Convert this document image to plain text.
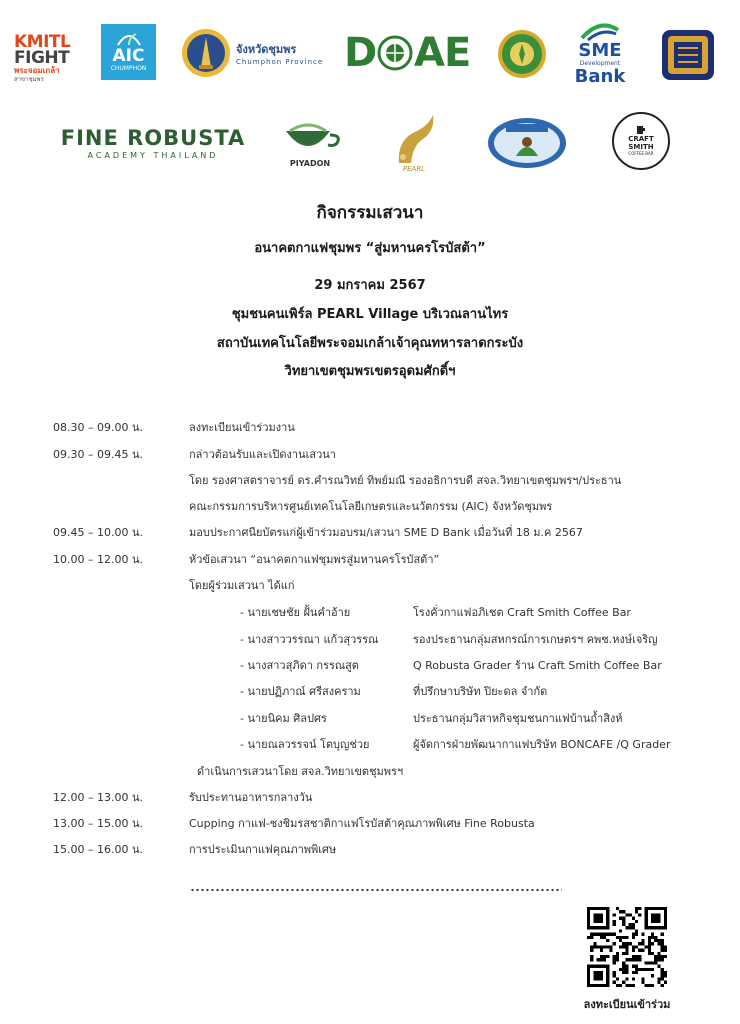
KMITL
FIGHT
พระจอมเกล้า
สาขาชุมพร
AIC
CHUMPHON
จังหวัดชุมพร
Chumphon Province D AE	SME
Development
Bank
FINE ROBUSTA
ACADEMY THAILAND
PIYADON
PEARL
CRAFT
SMITH
COFFEE BAR
กิจกรรมเสวนา
อนาคตกาแฟชุมพร “สู่มหานครโรบัสต้า”
29 มกราคม 2567
ชุมชนคนเพิร์ล PEARL Village บริเวณลานไทร
สถาบันเทคโนโลยีพระจอมเกล้าเจ้าคุณทหารลาดกระบัง
วิทยาเขตชุมพรเขตรอุดมศักดิ์ฯ
08.30 – 09.00 น.	ลงทะเบียนเข้าร่วมงาน
09.30 – 09.45 น.	กล่าวต้อนรับและเปิดงานเสวนา
โดย รองศาสตราจารย์ ดร.คำรณวิทย์ ทิพย์มณี รองอธิการบดี สจล.วิทยาเขตชุมพรฯ/ประธาน
คณะกรรมการบริหารศูนย์เทคโนโลยีเกษตรและนวัตกรรม (AIC) จังหวัดชุมพร
09.45 – 10.00 น.	มอบประกาศนียบัตรแก่ผู้เข้าร่วมอบรม/เสวนา SME D Bank เมื่อวันที่ 18 ม.ค 2567
10.00 – 12.00 น.	หัวข้อเสวนา “อนาคตกาแฟชุมพรสู่มหานครโรบัสต้า”
โดยผู้ร่วมเสวนา ได้แก่
- นายเชษชัย ฝั้นคำอ้าย	โรงคั่วกาแฟอภิเชต Craft Smith Coffee Bar
- นางสาววรรณา แก้วสุวรรณ	รองประธานกลุ่มสหกรณ์การเกษตรฯ คพช.หงษ์เจริญ
- นางสาวสุภิดา กรรณสูต	Q Robusta Grader ร้าน Craft Smith Coffee Bar
- นายปฏิภาณ์ ศรีสงคราม	ที่ปรึกษาบริษัท ปิยะดล จำกัด
- นายนิคม ศิลปศร	ประธานกลุ่มวิสาหกิจชุมชนกาแฟบ้านถ้ำสิงห์
- นายณลวรรจน์ โตบุญช่วย	ผู้จัดการฝ่ายพัฒนากาแฟบริษัท BONCAFE /Q Grader
ดำเนินการเสวนาโดย สจล.วิทยาเขตชุมพรฯ
12.00 – 13.00 น.	รับประทานอาหารกลางวัน
13.00 – 15.00 น.	Cupping กาแฟ-ชงชิมรสชาติกาแฟโรบัสต้าคุณภาพพิเศษ Fine Robusta
15.00 – 16.00 น.	การประเมินกาแฟคุณภาพพิเศษ
ลงทะเบียนเข้าร่วม
